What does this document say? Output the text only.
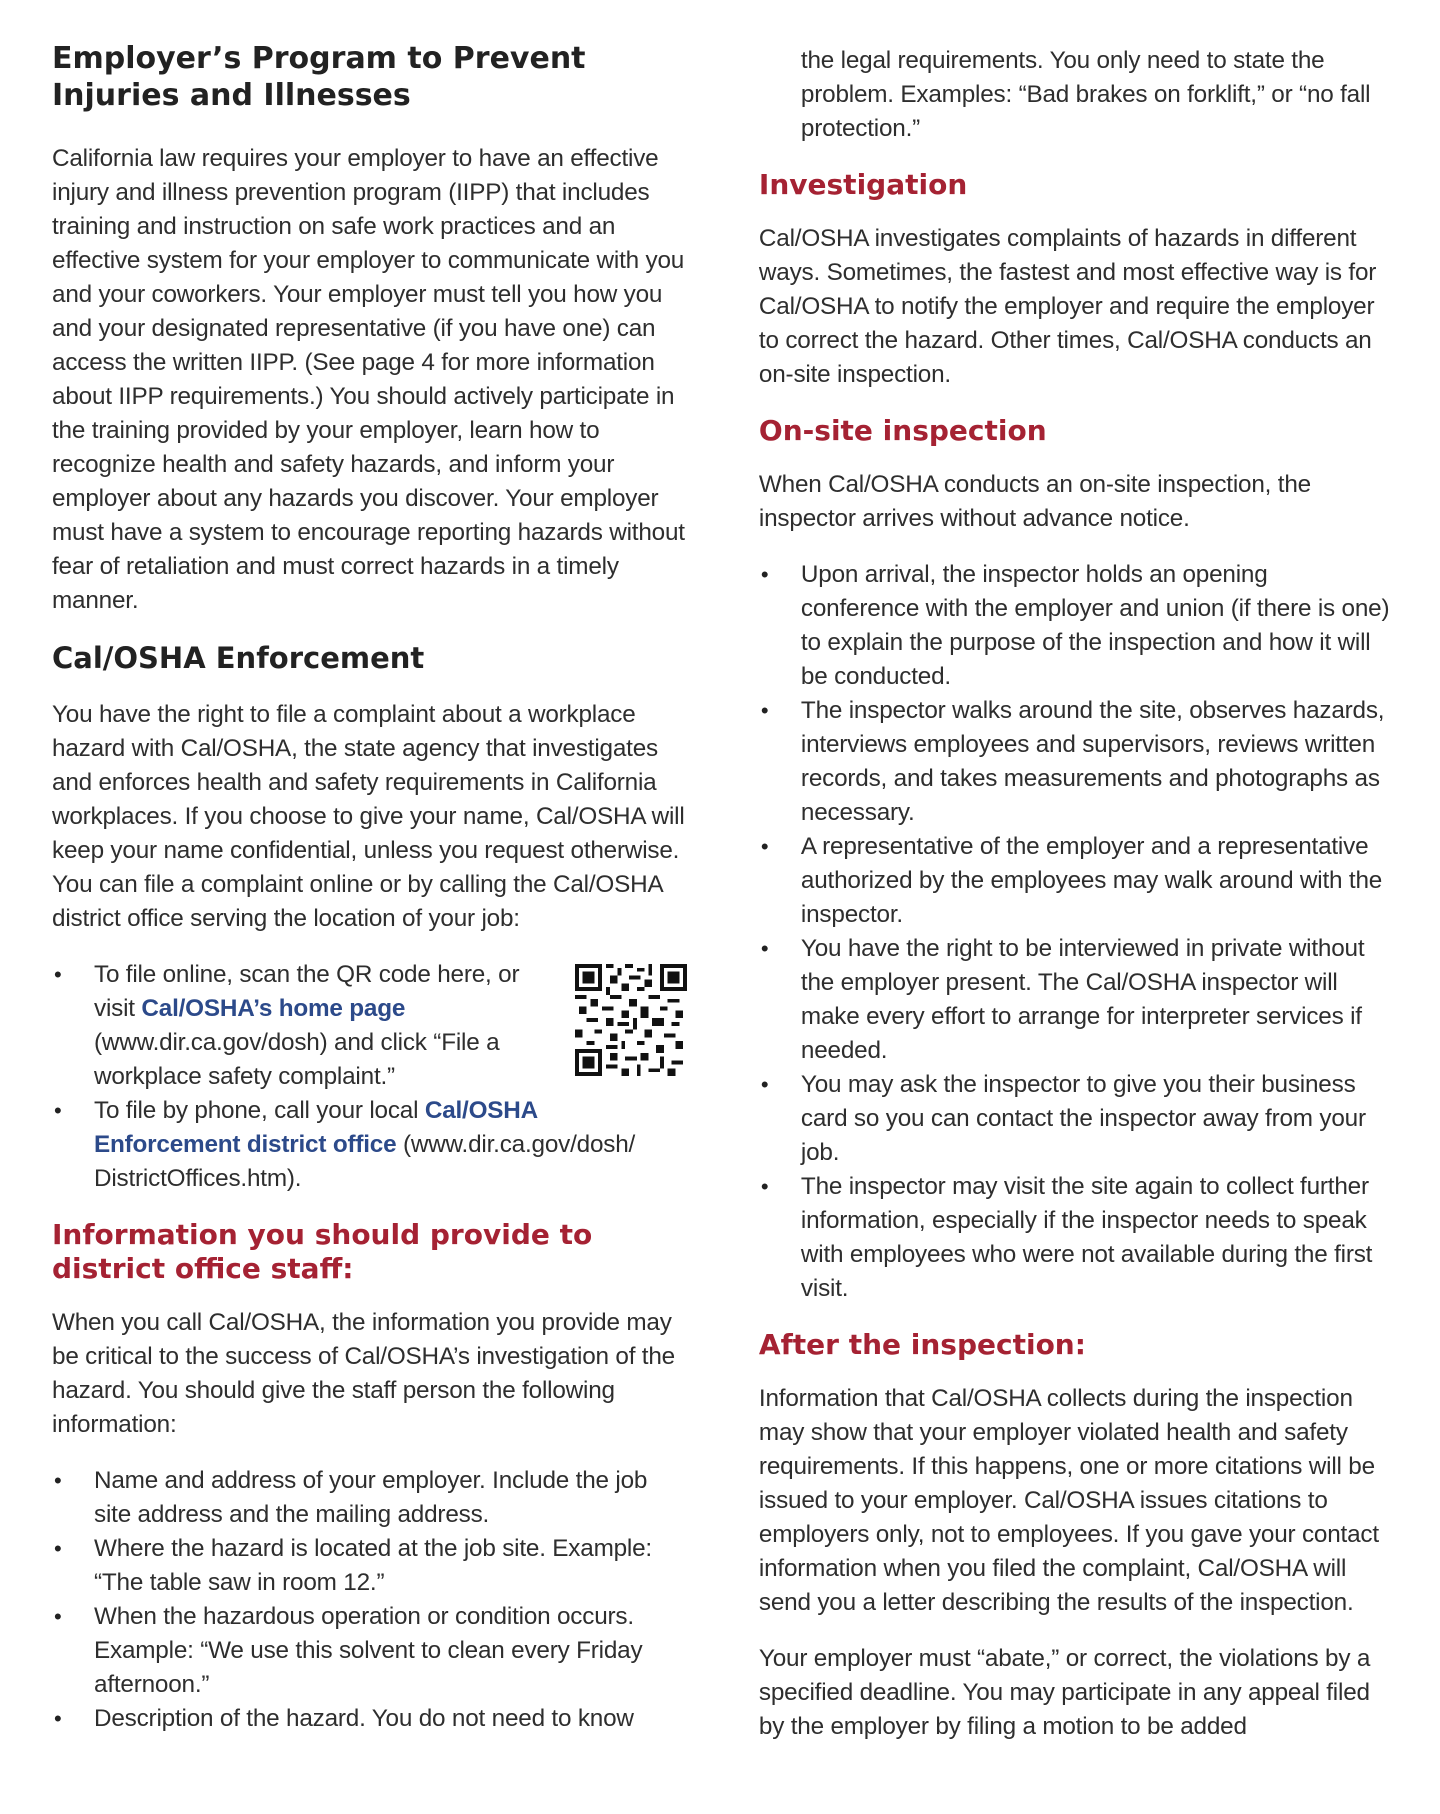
Employer’s Program to Prevent Injuries and Illnesses

California law requires your employer to have an effective injury and illness prevention program (IIPP) that includes training and instruction on safe work practices and an effective system for your employer to communicate with you and your coworkers. Your employer must tell you how you and your designated representative (if you have one) can access the written IIPP. (See page 4 for more information about IIPP requirements.) You should actively participate in the training provided by your employer, learn how to recognize health and safety hazards, and inform your employer about any hazards you discover. Your employer must have a system to encourage reporting hazards without fear of retaliation and must correct hazards in a timely manner.

Cal/OSHA Enforcement

You have the right to file a complaint about a workplace hazard with Cal/OSHA, the state agency that investigates and enforces health and safety requirements in California workplaces. If you choose to give your name, Cal/OSHA will keep your name confidential, unless you request otherwise. You can file a complaint online or by calling the Cal/OSHA district office serving the location of your job:

• To file online, scan the QR code here, or visit Cal/OSHA’s home page (www.dir.ca.gov/dosh) and click “File a workplace safety complaint.”
• To file by phone, call your local Cal/OSHA Enforcement district office (www.dir.ca.gov/dosh/ DistrictOffices.htm).
Information you should provide to district office staff:

When you call Cal/OSHA, the information you provide may be critical to the success of Cal/OSHA’s investigation of the hazard. You should give the staff person the following information:

• Name and address of your employer. Include the job site address and the mailing address.
• Where the hazard is located at the job site. Example: “The table saw in room 12.”
• When the hazardous operation or condition occurs. Example: “We use this solvent to clean every Friday afternoon.”
• Description of the hazard. You do not need to know

the legal requirements. You only need to state the problem. Examples: “Bad brakes on forklift,” or “no fall protection.”

Investigation

Cal/OSHA investigates complaints of hazards in different ways. Sometimes, the fastest and most effective way is for Cal/OSHA to notify the employer and require the employer to correct the hazard. Other times, Cal/OSHA conducts an on-site inspection.

On-site inspection

When Cal/OSHA conducts an on-site inspection, the inspector arrives without advance notice.

• Upon arrival, the inspector holds an opening conference with the employer and union (if there is one) to explain the purpose of the inspection and how it will be conducted.
• The inspector walks around the site, observes hazards, interviews employees and supervisors, reviews written records, and takes measurements and photographs as necessary.
• A representative of the employer and a representative authorized by the employees may walk around with the inspector.
• You have the right to be interviewed in private without the employer present. The Cal/OSHA inspector will make every effort to arrange for interpreter services if needed.
• You may ask the inspector to give you their business card so you can contact the inspector away from your job.
• The inspector may visit the site again to collect further information, especially if the inspector needs to speak with employees who were not available during the first visit.
After the inspection:

Information that Cal/OSHA collects during the inspection may show that your employer violated health and safety requirements. If this happens, one or more citations will be issued to your employer. Cal/OSHA issues citations to employers only, not to employees. If you gave your contact information when you filed the complaint, Cal/OSHA will send you a letter describing the results of the inspection.

Your employer must “abate,” or correct, the violations by a specified deadline. You may participate in any appeal filed by the employer by filing a motion to be added
